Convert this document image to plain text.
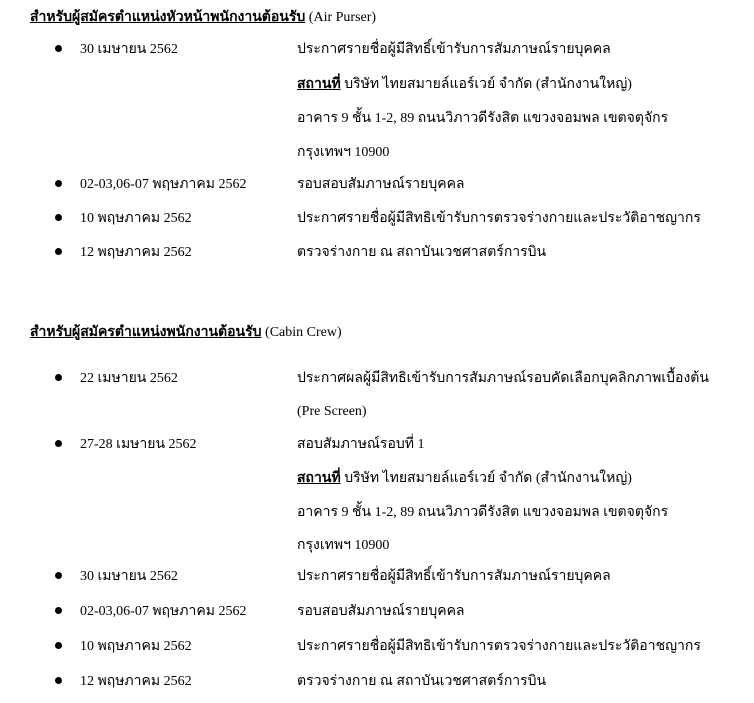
สำหรับผู้สมัครตำแหน่งหัวหน้าพนักงานต้อนรับ (Air Purser)
30 เมษายน 2562	ประกาศรายชื่อผู้มีสิทธิ์เข้ารับการสัมภาษณ์รายบุคคล
สถานที่ บริษัท ไทยสมายล์แอร์เวย์ จำกัด (สำนักงานใหญ่)
อาคาร 9 ชั้น 1-2, 89 ถนนวิภาวดีรังสิต แขวงจอมพล เขตจตุจักร
กรุงเทพฯ 10900
02-03,06-07 พฤษภาคม 2562	รอบสอบสัมภาษณ์รายบุคคล
10 พฤษภาคม 2562	ประกาศรายชื่อผู้มีสิทธิเข้ารับการตรวจร่างกายและประวัติอาชญากร
12 พฤษภาคม 2562	ตรวจร่างกาย ณ สถาบันเวชศาสตร์การบิน
สำหรับผู้สมัครตำแหน่งพนักงานต้อนรับ (Cabin Crew)
22 เมษายน 2562	ประกาศผลผู้มีสิทธิเข้ารับการสัมภาษณ์รอบคัดเลือกบุคลิกภาพเบื้องต้น
(Pre Screen)
27-28 เมษายน 2562	สอบสัมภาษณ์รอบที่ 1
สถานที่ บริษัท ไทยสมายล์แอร์เวย์ จำกัด (สำนักงานใหญ่)
อาคาร 9 ชั้น 1-2, 89 ถนนวิภาวดีรังสิต แขวงจอมพล เขตจตุจักร
กรุงเทพฯ 10900
30 เมษายน 2562	ประกาศรายชื่อผู้มีสิทธิ์เข้ารับการสัมภาษณ์รายบุคคล
02-03,06-07 พฤษภาคม 2562	รอบสอบสัมภาษณ์รายบุคคล
10 พฤษภาคม 2562	ประกาศรายชื่อผู้มีสิทธิเข้ารับการตรวจร่างกายและประวัติอาชญากร
12 พฤษภาคม 2562	ตรวจร่างกาย ณ สถาบันเวชศาสตร์การบิน
